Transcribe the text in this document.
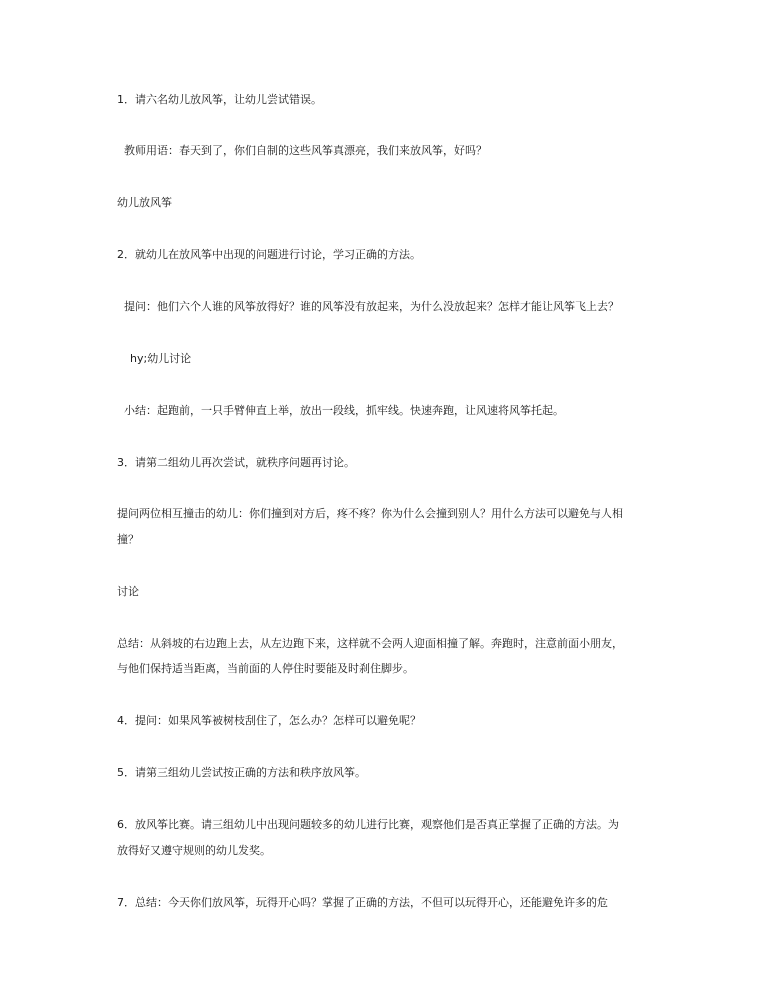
1．请六名幼儿放风筝，让幼儿尝试错误。
教师用语：春天到了，你们自制的这些风筝真漂亮，我们来放风筝，好吗？
幼儿放风筝
2．就幼儿在放风筝中出现的问题进行讨论，学习正确的方法。
提问：他们六个人谁的风筝放得好？谁的风筝没有放起来，为什么没放起来？怎样才能让风筝飞上去？
hy;幼儿讨论
小结：起跑前，一只手臂伸直上举，放出一段线，抓牢线。快速奔跑，让风速将风筝托起。
3．请第二组幼儿再次尝试，就秩序问题再讨论。
提问两位相互撞击的幼儿：你们撞到对方后，疼不疼？你为什么会撞到别人？用什么方法可以避免与人相
撞？
讨论
总结：从斜坡的右边跑上去，从左边跑下来，这样就不会两人迎面相撞了解。奔跑时，注意前面小朋友，
与他们保持适当距离，当前面的人停住时要能及时刹住脚步。
4．提问：如果风筝被树枝刮住了，怎么办？怎样可以避免呢？
5．请第三组幼儿尝试按正确的方法和秩序放风筝。
6．放风筝比赛。请三组幼儿中出现问题较多的幼儿进行比赛，观察他们是否真正掌握了正确的方法。为
放得好又遵守规则的幼儿发奖。
7．总结：今天你们放风筝，玩得开心吗？掌握了正确的方法，不但可以玩得开心，还能避免许多的危
